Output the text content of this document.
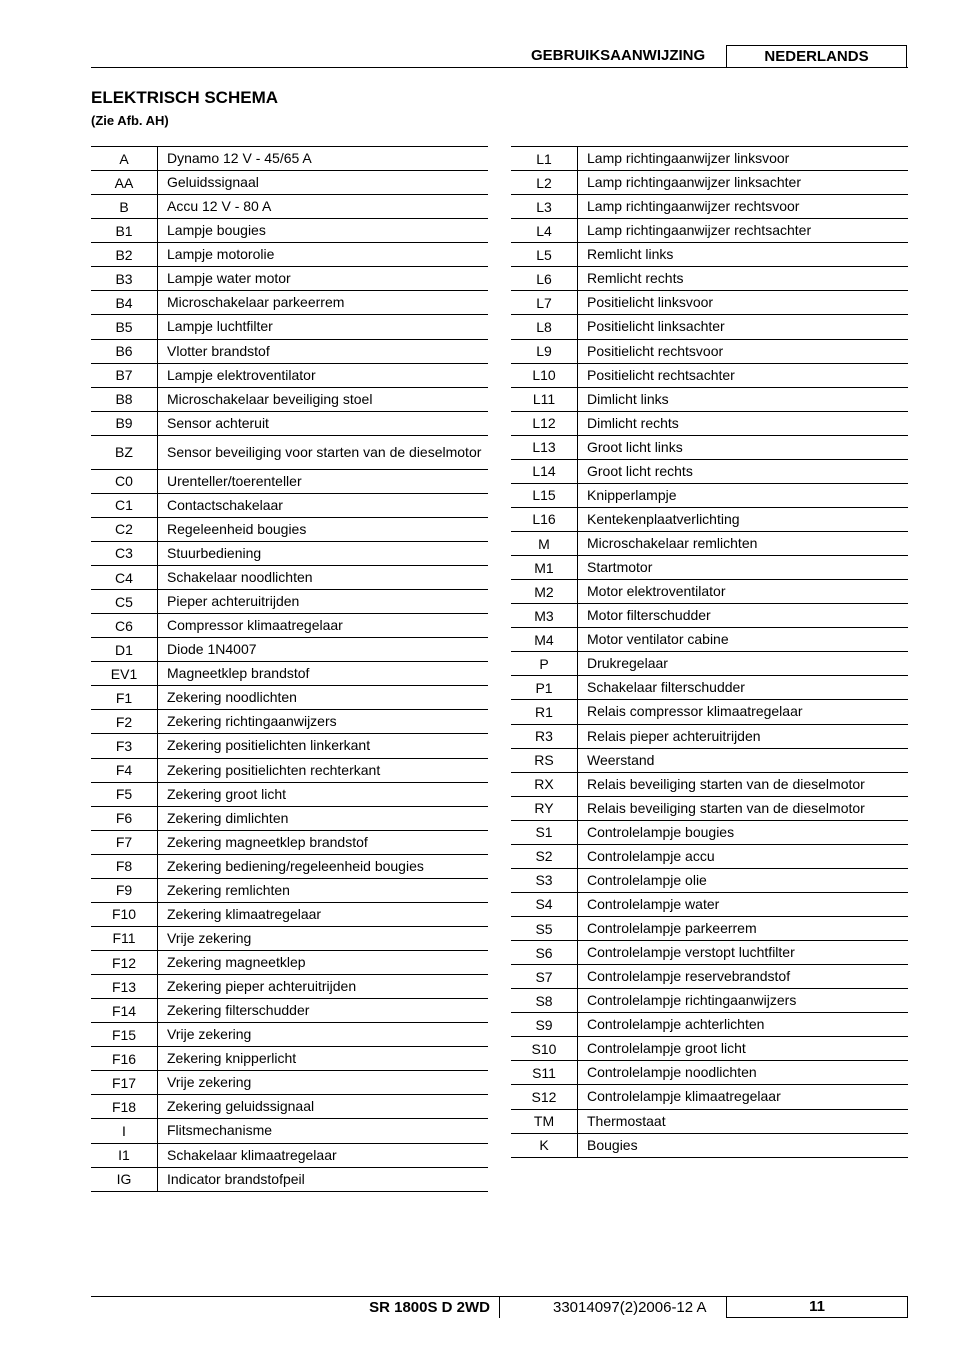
GEBRUIKSAANWIJZING	NEDERLANDS
ELEKTRISCH SCHEMA
(Zie Afb. AH)
A	Dynamo 12 V - 45/65 A
AA	Geluidssignaal
B	Accu 12 V - 80 A
B1	Lampje bougies
B2	Lampje motorolie
B3	Lampje water motor
B4	Microschakelaar parkeerrem
B5	Lampje luchtfilter
B6	Vlotter brandstof
B7	Lampje elektroventilator
B8	Microschakelaar beveiliging stoel
B9	Sensor achteruit
BZ	Sensor beveiliging voor starten van de dieselmotor
C0	Urenteller/toerenteller
C1	Contactschakelaar
C2	Regeleenheid bougies
C3	Stuurbediening
C4	Schakelaar noodlichten
C5	Pieper achteruitrijden
C6	Compressor klimaatregelaar
D1	Diode 1N4007
EV1	Magneetklep brandstof
F1	Zekering noodlichten
F2	Zekering richtingaanwijzers
F3	Zekering positielichten linkerkant
F4	Zekering positielichten rechterkant
F5	Zekering groot licht
F6	Zekering dimlichten
F7	Zekering magneetklep brandstof
F8	Zekering bediening/regeleenheid bougies
F9	Zekering remlichten
F10	Zekering klimaatregelaar
F11	Vrije zekering
F12	Zekering magneetklep
F13	Zekering pieper achteruitrijden
F14	Zekering filterschudder
F15	Vrije zekering
F16	Zekering knipperlicht
F17	Vrije zekering
F18	Zekering geluidssignaal
I	Flitsmechanisme
I1	Schakelaar klimaatregelaar
IG	Indicator brandstofpeil
L1	Lamp richtingaanwijzer linksvoor
L2	Lamp richtingaanwijzer linksachter
L3	Lamp richtingaanwijzer rechtsvoor
L4	Lamp richtingaanwijzer rechtsachter
L5	Remlicht links
L6	Remlicht rechts
L7	Positielicht linksvoor
L8	Positielicht linksachter
L9	Positielicht rechtsvoor
L10	Positielicht rechtsachter
L11	Dimlicht links
L12	Dimlicht rechts
L13	Groot licht links
L14	Groot licht rechts
L15	Knipperlampje
L16	Kentekenplaatverlichting
M	Microschakelaar remlichten
M1	Startmotor
M2	Motor elektroventilator
M3	Motor filterschudder
M4	Motor ventilator cabine
P	Drukregelaar
P1	Schakelaar filterschudder
R1	Relais compressor klimaatregelaar
R3	Relais pieper achteruitrijden
RS	Weerstand
RX	Relais beveiliging starten van de dieselmotor
RY	Relais beveiliging starten van de dieselmotor
S1	Controlelampje bougies
S2	Controlelampje accu
S3	Controlelampje olie
S4	Controlelampje water
S5	Controlelampje parkeerrem
S6	Controlelampje verstopt luchtfilter
S7	Controlelampje reservebrandstof
S8	Controlelampje richtingaanwijzers
S9	Controlelampje achterlichten
S10	Controlelampje groot licht
S11	Controlelampje noodlichten
S12	Controlelampje klimaatregelaar
TM	Thermostaat
K	Bougies
SR 1800S D 2WD	33014097(2)2006-12 A	11
